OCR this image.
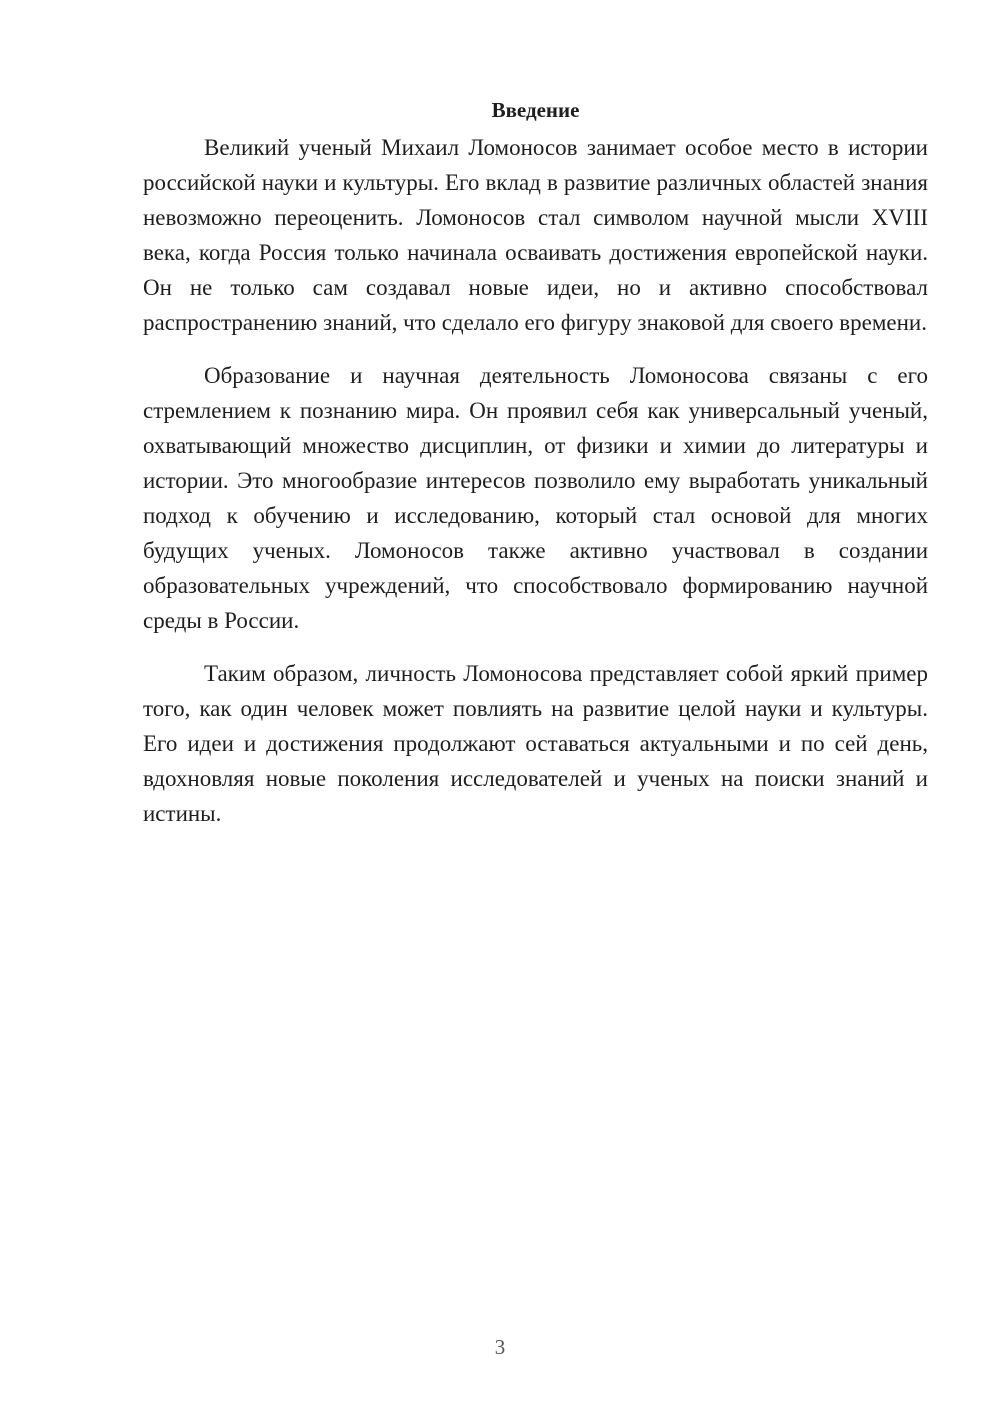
Введение

Великий ученый Михаил Ломоносов занимает особое место в истории российской науки и культуры. Его вклад в развитие различных областей знания невозможно переоценить. Ломоносов стал символом научной мысли XVIII века, когда Россия только начинала осваивать достижения европейской науки. Он не только сам создавал новые идеи, но и активно способствовал распространению знаний, что сделало его фигуру знаковой для своего времени.

Образование и научная деятельность Ломоносова связаны с его стремлением к познанию мира. Он проявил себя как универсальный ученый, охватывающий множество дисциплин, от физики и химии до литературы и истории. Это многообразие интересов позволило ему выработать уникальный подход к обучению и исследованию, который стал основой для многих будущих ученых. Ломоносов также активно участвовал в создании образовательных учреждений, что способствовало формированию научной среды в России.

Таким образом, личность Ломоносова представляет собой яркий пример того, как один человек может повлиять на развитие целой науки и культуры. Его идеи и достижения продолжают оставаться актуальными и по сей день, вдохновляя новые поколения исследователей и ученых на поиски знаний и истины.

3
